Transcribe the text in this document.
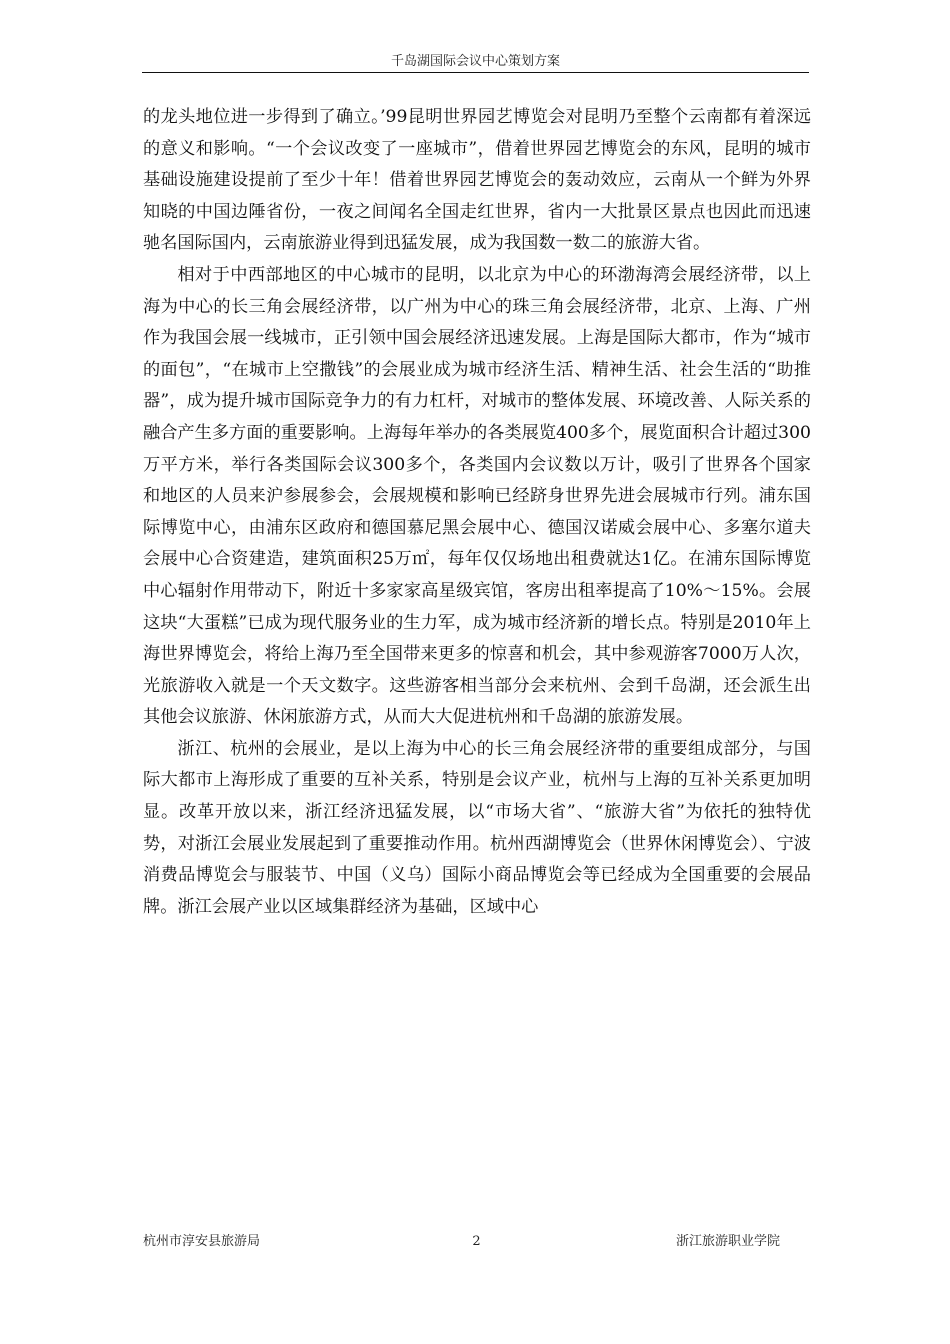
千岛湖国际会议中心策划方案

的龙头地位进一步得到了确立。’99昆明世界园艺博览会对昆明乃至整个云南都有着深远的意义和影响。“一个会议改变了一座城市”，借着世界园艺博览会的东风，昆明的城市基础设施建设提前了至少十年！借着世界园艺博览会的轰动效应，云南从一个鲜为外界知晓的中国边陲省份，一夜之间闻名全国走红世界，省内一大批景区景点也因此而迅速驰名国际国内，云南旅游业得到迅猛发展，成为我国数一数二的旅游大省。

相对于中西部地区的中心城市的昆明，以北京为中心的环渤海湾会展经济带，以上海为中心的长三角会展经济带，以广州为中心的珠三角会展经济带，北京、上海、广州作为我国会展一线城市，正引领中国会展经济迅速发展。上海是国际大都市，作为“城市的面包”，“在城市上空撒钱”的会展业成为城市经济生活、精神生活、社会生活的“助推器”，成为提升城市国际竞争力的有力杠杆，对城市的整体发展、环境改善、人际关系的融合产生多方面的重要影响。上海每年举办的各类展览400多个，展览面积合计超过300万平方米，举行各类国际会议300多个，各类国内会议数以万计，吸引了世界各个国家和地区的人员来沪参展参会，会展规模和影响已经跻身世界先进会展城市行列。浦东国际博览中心，由浦东区政府和德国慕尼黑会展中心、德国汉诺威会展中心、多塞尔道夫会展中心合资建造，建筑面积25万㎡，每年仅仅场地出租费就达1亿。在浦东国际博览中心辐射作用带动下，附近十多家家高星级宾馆，客房出租率提高了10%～15%。会展这块“大蛋糕”已成为现代服务业的生力军，成为城市经济新的增长点。特别是2010年上海世界博览会，将给上海乃至全国带来更多的惊喜和机会，其中参观游客7000万人次，光旅游收入就是一个天文数字。这些游客相当部分会来杭州、会到千岛湖，还会派生出其他会议旅游、休闲旅游方式，从而大大促进杭州和千岛湖的旅游发展。

浙江、杭州的会展业，是以上海为中心的长三角会展经济带的重要组成部分，与国际大都市上海形成了重要的互补关系，特别是会议产业，杭州与上海的互补关系更加明显。改革开放以来，浙江经济迅猛发展，以“市场大省”、“旅游大省”为依托的独特优势，对浙江会展业发展起到了重要推动作用。杭州西湖博览会（世界休闲博览会）、宁波消费品博览会与服装节、中国（义乌）国际小商品博览会等已经成为全国重要的会展品牌。浙江会展产业以区域集群经济为基础，区域中心

杭州市淳安县旅游局	2	浙江旅游职业学院
